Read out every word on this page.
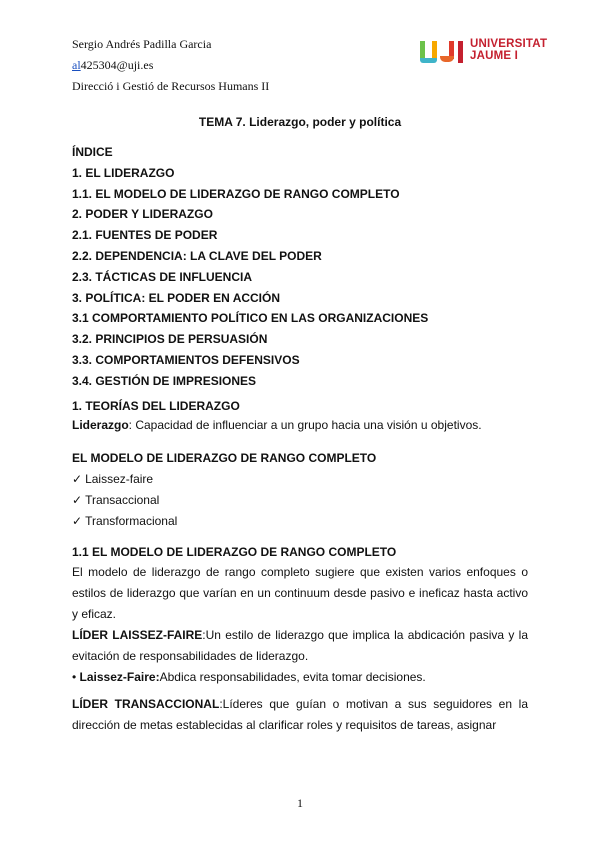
Sergio Andrés Padilla Garcia
al425304@uji.es
Direcció i Gestió de Recursos Humans II
UNIVERSITAT
JAUME I
TEMA 7. Liderazgo, poder y política
ÍNDICE
1. EL LIDERAZGO
1.1. EL MODELO DE LIDERAZGO DE RANGO COMPLETO
2. PODER Y LIDERAZGO
2.1. FUENTES DE PODER
2.2. DEPENDENCIA: LA CLAVE DEL PODER
2.3. TÁCTICAS DE INFLUENCIA
3. POLÍTICA: EL PODER EN ACCIÓN
3.1 COMPORTAMIENTO POLÍTICO EN LAS ORGANIZACIONES
3.2. PRINCIPIOS DE PERSUASIÓN
3.3. COMPORTAMIENTOS DEFENSIVOS
3.4. GESTIÓN DE IMPRESIONES
1. TEORÍAS DEL LIDERAZGO
Liderazgo: Capacidad de influenciar a un grupo hacia una visión u objetivos.
EL MODELO DE LIDERAZGO DE RANGO COMPLETO
✓ Laissez-faire
✓ Transaccional
✓ Transformacional
1.1 EL MODELO DE LIDERAZGO DE RANGO COMPLETO
El modelo de liderazgo de rango completo sugiere que existen varios enfoques o estilos de liderazgo que varían en un continuum desde pasivo e ineficaz hasta activo y eficaz.
LÍDER LAISSEZ-FAIRE:Un estilo de liderazgo que implica la abdicación pasiva y la evitación de responsabilidades de liderazgo.
• Laissez-Faire:Abdica responsabilidades, evita tomar decisiones.
LÍDER TRANSACCIONAL:Líderes que guían o motivan a sus seguidores en la dirección de metas establecidas al clarificar roles y requisitos de tareas, asignar
1
